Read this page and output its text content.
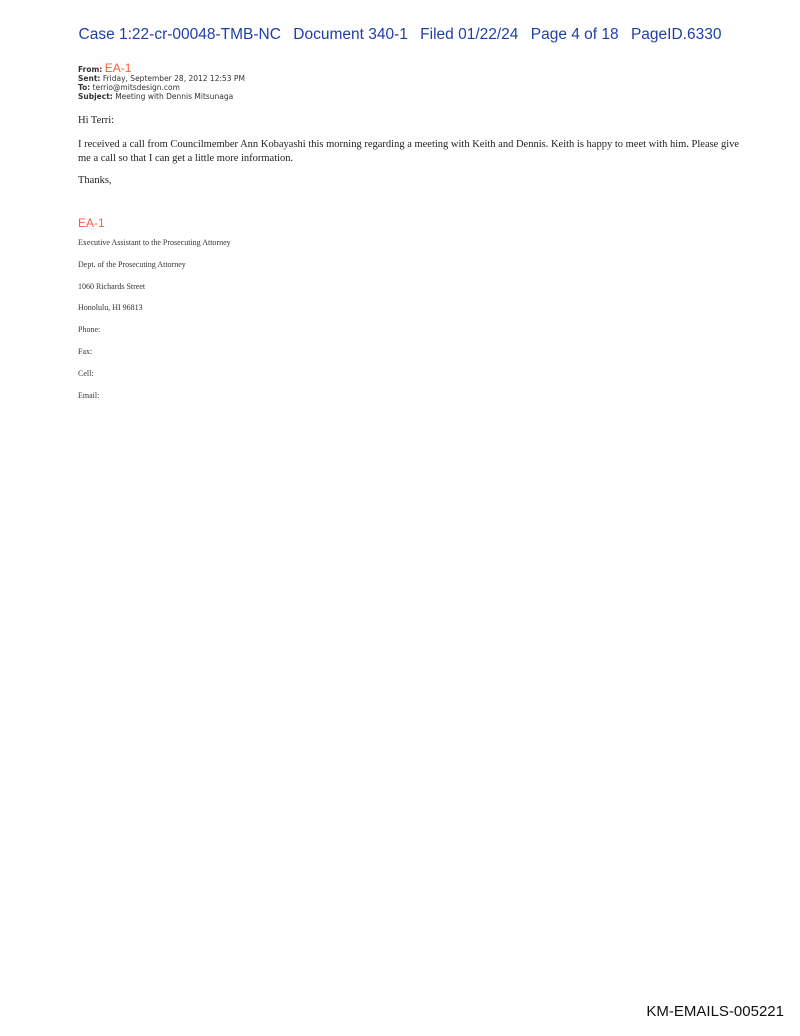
Case 1:22-cr-00048-TMB-NC Document 340-1 Filed 01/22/24 Page 4 of 18 PageID.6330
From: EA-1
Sent: Friday, September 28, 2012 12:53 PM
To: terrio@mitsdesign.com
Subject: Meeting with Dennis Mitsunaga
Hi Terri:
I received a call from Councilmember Ann Kobayashi this morning regarding a meeting with Keith and Dennis. Keith is happy to meet with him. Please give me a call so that I can get a little more information.
Thanks,
EA-1
Executive Assistant to the Prosecuting Attorney
Dept. of the Prosecuting Attorney
1060 Richards Street
Honolulu, HI 96813
Phone:
Fax:
Cell:
Email:
KM-EMAILS-005221
